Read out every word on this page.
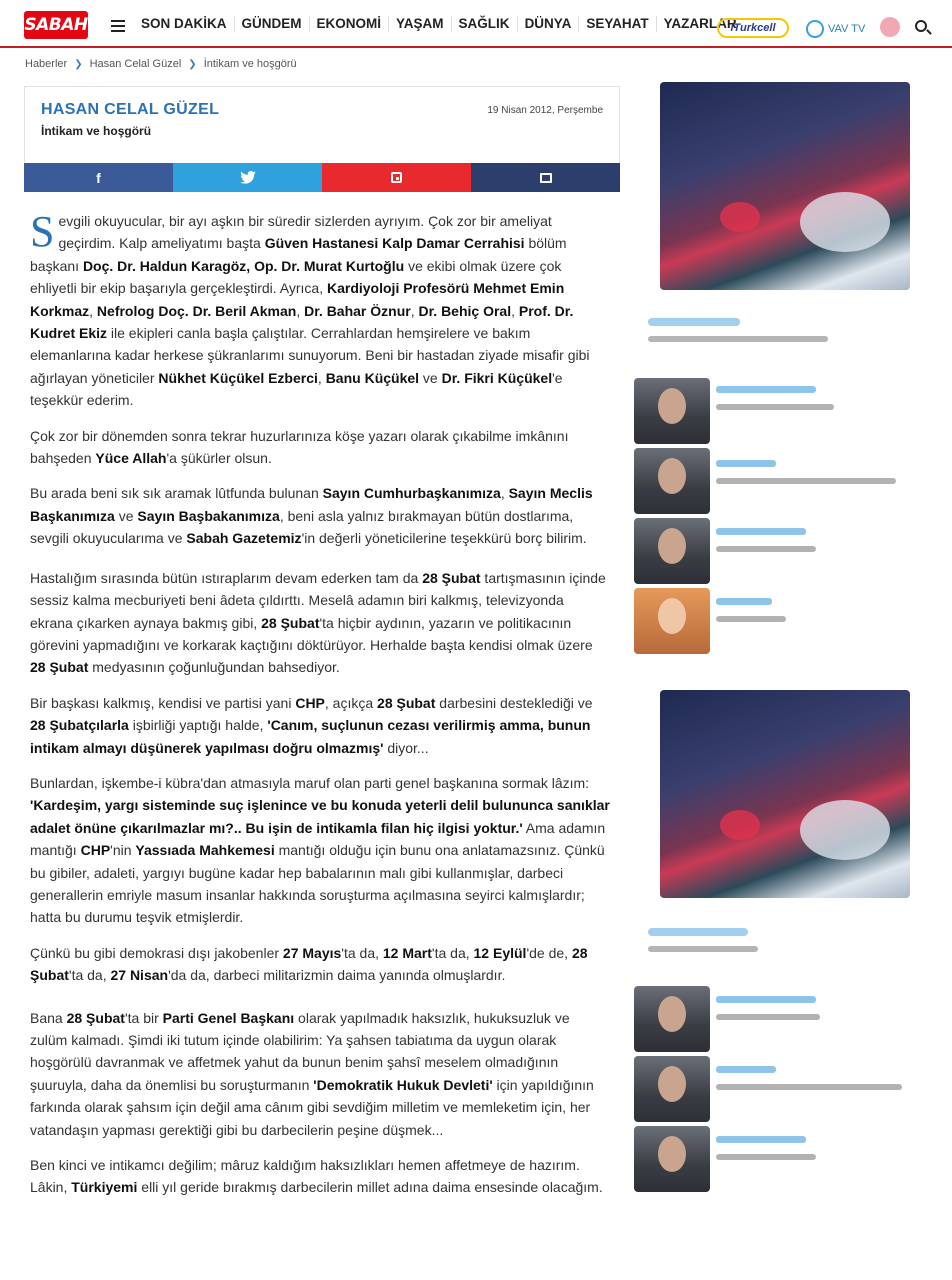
SABAH	SON DAKİKA	GÜNDEM	EKONOMİ	YAŞAM	SAĞLIK	DÜNYA	SEYAHAT	YAZARLAR
iTurkcell	VAV TV
Haberler ❯ Hasan Celal Güzel ❯ İntikam ve hoşgörü
HASAN CELAL GÜZEL
İntikam ve hoşgörü
19 Nisan 2012, Perşembe
f

Sevgili okuyucular, bir ayı aşkın bir süredir sizlerden ayrıyım. Çok zor bir ameliyat geçirdim. Kalp ameliyatımı başta Güven Hastanesi Kalp Damar Cerrahisi bölüm başkanı Doç. Dr. Haldun Karagöz, Op. Dr. Murat Kurtoğlu ve ekibi olmak üzere çok ehliyetli bir ekip başarıyla gerçekleştirdi. Ayrıca, Kardiyoloji Profesörü Mehmet Emin Korkmaz, Nefrolog Doç. Dr. Beril Akman, Dr. Bahar Öznur, Dr. Behiç Oral, Prof. Dr. Kudret Ekiz ile ekipleri canla başla çalıştılar. Cerrahlardan hemşirelere ve bakım elemanlarına kadar herkese şükranlarımı sunuyorum. Beni bir hastadan ziyade misafir gibi ağırlayan yöneticiler Nükhet Küçükel Ezberci, Banu Küçükel ve Dr. Fikri Küçükel'e teşekkür ederim.

Çok zor bir dönemden sonra tekrar huzurlarınıza köşe yazarı olarak çıkabilme imkânını bahşeden Yüce Allah'a şükürler olsun.

Bu arada beni sık sık aramak lûtfunda bulunan Sayın Cumhurbaşkanımıza, Sayın Meclis Başkanımıza ve Sayın Başbakanımıza, beni asla yalnız bırakmayan bütün dostlarıma, sevgili okuyucularıma ve Sabah Gazetemiz'in değerli yöneticilerine teşekkürü borç bilirim.

Hastalığım sırasında bütün ıstıraplarım devam ederken tam da 28 Şubat tartışmasının içinde sessiz kalma mecburiyeti beni âdeta çıldırttı. Meselâ adamın biri kalkmış, televizyonda ekrana çıkarken aynaya bakmış gibi, 28 Şubat'ta hiçbir aydının, yazarın ve politikacının görevini yapmadığını ve korkarak kaçtığını döktürüyor. Herhalde başta kendisi olmak üzere 28 Şubat medyasının çoğunluğundan bahsediyor.

Bir başkası kalkmış, kendisi ve partisi yani CHP, açıkça 28 Şubat darbesini desteklediği ve 28 Şubatçılarla işbirliği yaptığı halde, 'Canım, suçlunun cezası verilirmiş amma, bunun intikam almayı düşünerek yapılması doğru olmazmış' diyor...

Bunlardan, işkembe-i kübra'dan atmasıyla maruf olan parti genel başkanına sormak lâzım: 'Kardeşim, yargı sisteminde suç işlenince ve bu konuda yeterli delil bulununca sanıklar adalet önüne çıkarılmazlar mı?.. Bu işin de intikamla filan hiç ilgisi yoktur.' Ama adamın mantığı CHP'nin Yassıada Mahkemesi mantığı olduğu için bunu ona anlatamazsınız. Çünkü bu gibiler, adaleti, yargıyı bugüne kadar hep babalarının malı gibi kullanmışlar, darbeci generallerin emriyle masum insanlar hakkında soruşturma açılmasına seyirci kalmışlardır; hatta bu durumu teşvik etmişlerdir.

Çünkü bu gibi demokrasi dışı jakobenler 27 Mayıs'ta da, 12 Mart'ta da, 12 Eylül'de de, 28 Şubat'ta da, 27 Nisan'da da, darbeci militarizmin daima yanında olmuşlardır.

Bana 28 Şubat'ta bir Parti Genel Başkanı olarak yapılmadık haksızlık, hukuksuzluk ve zulüm kalmadı. Şimdi iki tutum içinde olabilirim: Ya şahsen tabiatıma da uygun olarak hoşgörülü davranmak ve affetmek yahut da bunun benim şahsî meselem olmadığının şuuruyla, daha da önemlisi bu soruşturmanın 'Demokratik Hukuk Devleti' için yapıldığının farkında olarak şahsım için değil ama cânım gibi sevdiğim milletim ve memleketim için, her vatandaşın yapması gerektiği gibi bu darbecilerin peşine düşmek...

Ben kinci ve intikamcı değilim; mâruz kaldığım haksızlıkları hemen affetmeye de hazırım. Lâkin, Türkiyemi elli yıl geride bırakmış darbecilerin millet adına daima ensesinde olacağım.
